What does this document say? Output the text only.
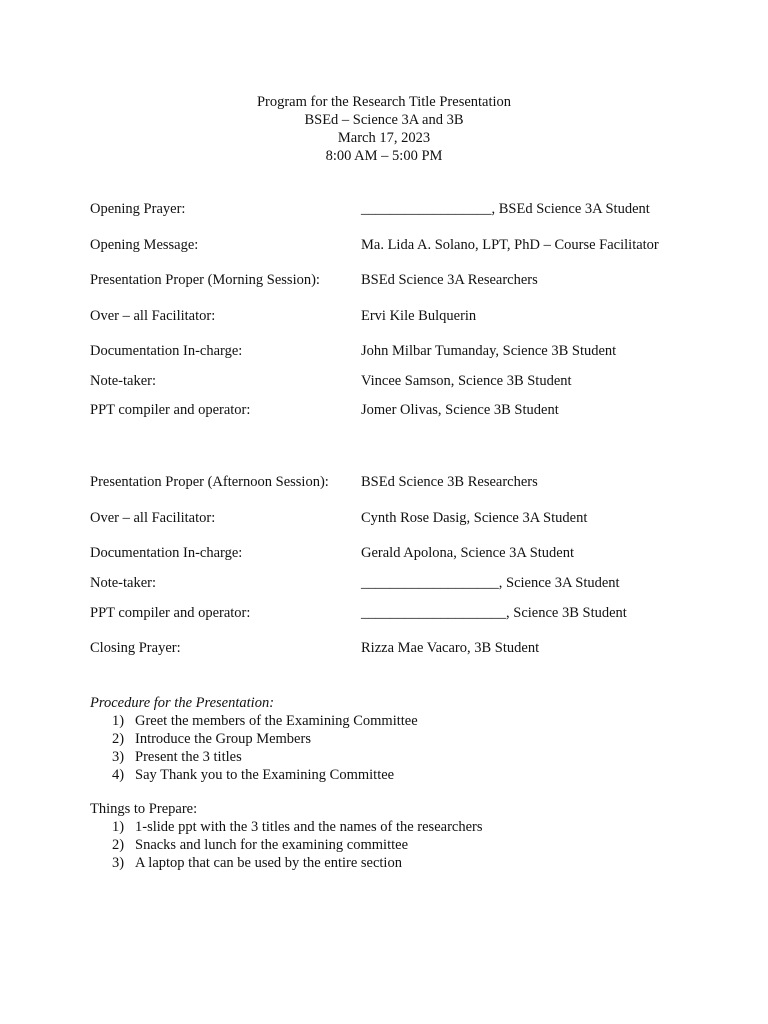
Program for the Research Title Presentation
BSEd – Science 3A and 3B
March 17, 2023
8:00 AM – 5:00 PM
Opening Prayer:	__________________, BSEd Science 3A Student
Opening Message:	Ma. Lida A. Solano, LPT, PhD – Course Facilitator
Presentation Proper (Morning Session):	BSEd Science 3A Researchers
Over – all Facilitator:	Ervi Kile Bulquerin
Documentation In-charge:	John Milbar Tumanday, Science 3B Student
Note-taker:	Vincee Samson, Science 3B Student
PPT compiler and operator:	Jomer Olivas, Science 3B Student
Presentation Proper (Afternoon Session): BSEd Science 3B Researchers
Over – all Facilitator:	Cynth Rose Dasig, Science 3A Student
Documentation In-charge:	Gerald Apolona, Science 3A Student
Note-taker:	___________________, Science 3A Student
PPT compiler and operator:	____________________, Science 3B Student
Closing Prayer:	Rizza Mae Vacaro, 3B Student
Procedure for the Presentation:
1) Greet the members of the Examining Committee
2) Introduce the Group Members
3) Present the 3 titles
4) Say Thank you to the Examining Committee
Things to Prepare:
1) 1-slide ppt with the 3 titles and the names of the researchers
2) Snacks and lunch for the examining committee
3) A laptop that can be used by the entire section
